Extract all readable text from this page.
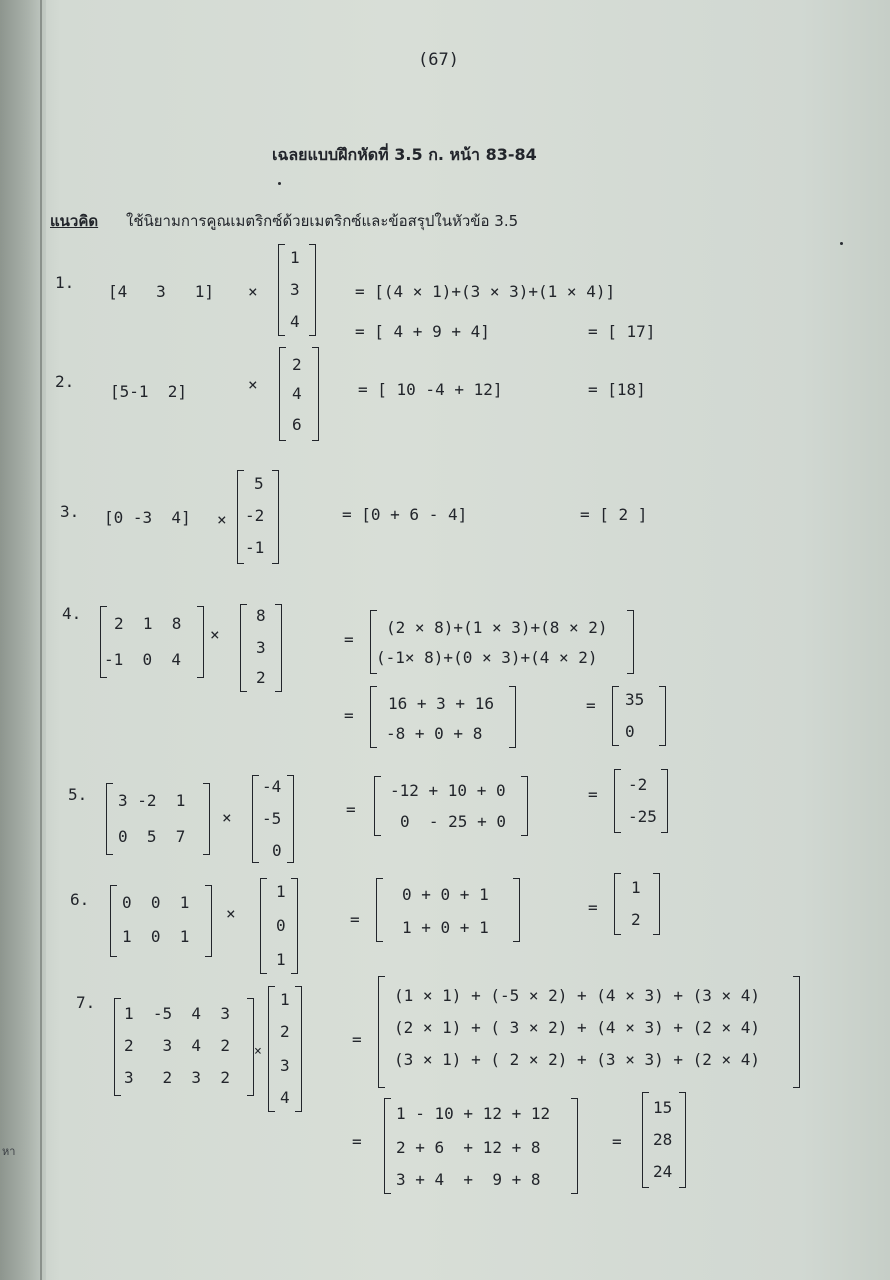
หา
(67)
เฉลยแบบฝึกหัดที่ 3.5 ก. หน้า 83-84
แนวคิด ใช้นิยามการคูณเมตริกซ์ด้วยเมตริกซ์และข้อสรุปในหัวข้อ 3.5
1. [4   3   1] ×
1
3
4
= [(4 × 1)+(3 × 3)+(1 × 4)]
= [ 4 + 9 + 4]	= [ 17]
2.
[5-1  2]	×
2
4
6
= [ 10 -4 + 12]	= [18]
3. [0 -3  4] ×
5
-2
-1
= [0 + 6 - 4]	= [ 2 ]
4.
2  1  8
-1  0  4
×
8
3
2
=
(2 × 8)+(1 × 3)+(8 × 2)
(-1× 8)+(0 × 3)+(4 × 2)
=
16 + 3 + 16
-8 + 0 + 8
= 35
0
5. 3 -2  1
0  5  7
×
-4
-5
0
=
-12 + 10 + 0
0  - 25 + 0
=
-2
-25
6. 0  0  1
1  0  1
×
1
0
1
=
0 + 0 + 1
1 + 0 + 1
=
1
2
7.
1  -5  4  3
2   3  4  2
3   2  3  2
×
1
2
3
4
=
(1 × 1) + (-5 × 2) + (4 × 3) + (3 × 4)
(2 × 1) + ( 3 × 2) + (4 × 3) + (2 × 4)
(3 × 1) + ( 2 × 2) + (3 × 3) + (2 × 4)
=
1 - 10 + 12 + 12
2 + 6  + 12 + 8
3 + 4  +  9 + 8
=
15
28
24
